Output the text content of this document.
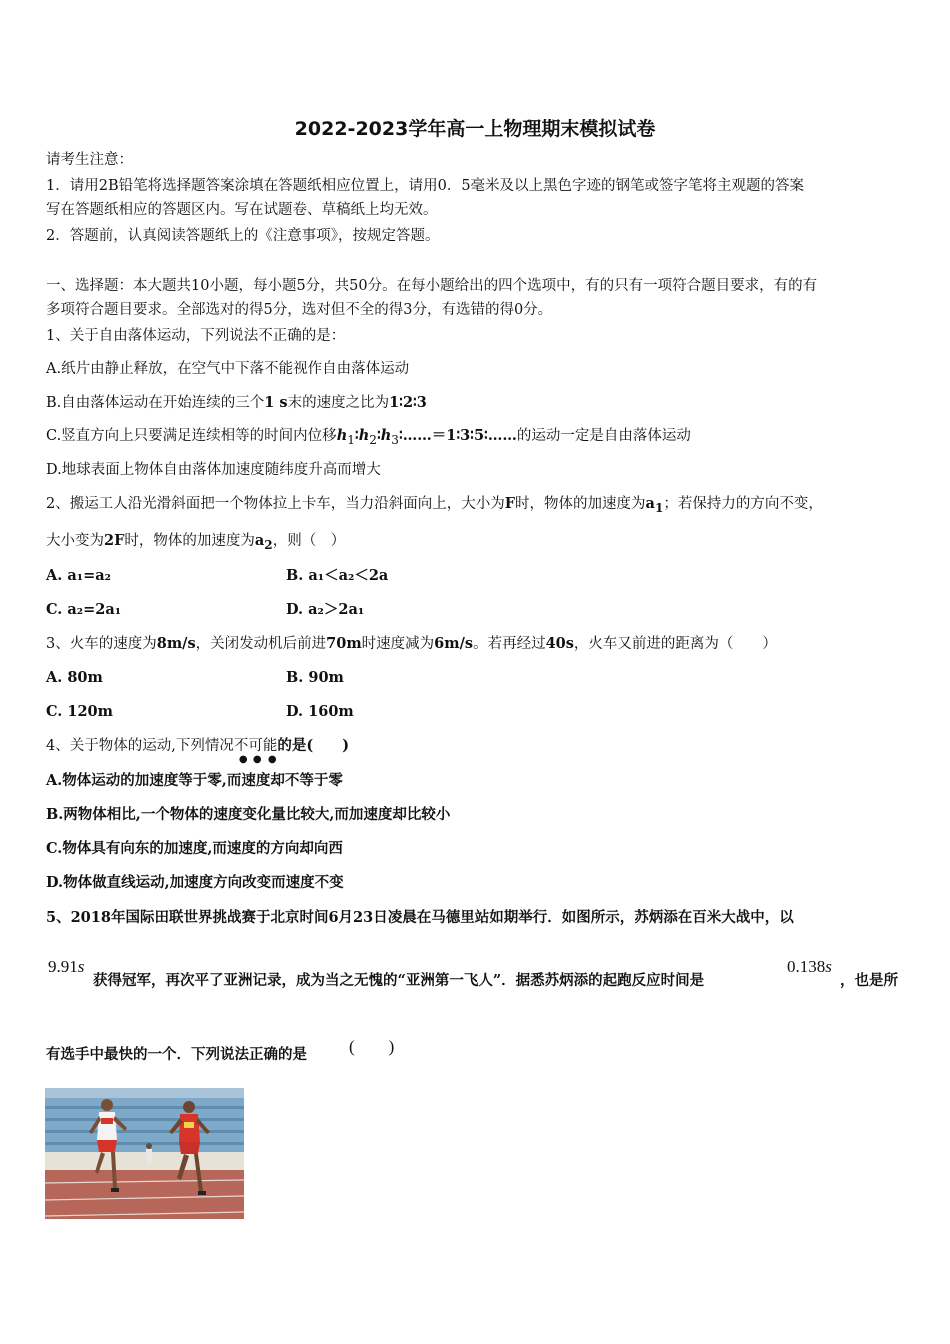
2022-2023学年高一上物理期末模拟试卷
请考生注意：
1．请用2B铅笔将选择题答案涂填在答题纸相应位置上，请用0．5毫米及以上黑色字迹的钢笔或签字笔将主观题的答案
写在答题纸相应的答题区内。写在试题卷、草稿纸上均无效。
2．答题前，认真阅读答题纸上的《注意事项》，按规定答题。
一、选择题：本大题共10小题，每小题5分，共50分。在每小题给出的四个选项中，有的只有一项符合题目要求，有的有
多项符合题目要求。全部选对的得5分，选对但不全的得3分，有选错的得0分。
1、关于自由落体运动，下列说法不正确的是：
A.纸片由静止释放，在空气中下落不能视作自由落体运动
B.自由落体运动在开始连续的三个1 s末的速度之比为1∶2∶3
C.竖直方向上只要满足连续相等的时间内位移$h_1∶h_2∶h_3∶\dots\dots=1∶3∶5∶\dots\dots$的运动一定是自由落体运动
D.地球表面上物体自由落体加速度随纬度升高而增大
2、搬运工人沿光滑斜面把一个物体拉上卡车，当力沿斜面向上，大小为F时，物体的加速度为$a_1$；若保持力的方向不变，
大小变为2F时，物体的加速度为$a_2$，则（　）
A. a₁=a₂	B. a₁＜a₂＜2a
C. a₂=2a₁	D. a₂＞2a₁
3、火车的速度为8m/s，关闭发动机后前进70m时速度减为6m/s。若再经过40s，火车又前进的距离为（　　）
A. 80m	B. 90m
C. 120m	D. 160m
4、关于物体的运动,下列情况不可能
● ● ●
的是(　　)
A.物体运动的加速度等于零,而速度却不等于零
B.两物体相比,一个物体的速度变化量比较大,而加速度却比较小
C.物体具有向东的加速度,而速度的方向却向西
D.物体做直线运动,加速度方向改变而速度不变
5、2018年国际田联世界挑战赛于北京时间6月23日凌晨在马德里站如期举行．如图所示，苏炳添在百米大战中，以
9.91s
获得冠军，再次平了亚洲记录，成为当之无愧的“亚洲第一飞人”．据悉苏炳添的起跑反应时间是
0.138s
，也是所
有选手中最快的一个．下列说法正确的是 (　　)
